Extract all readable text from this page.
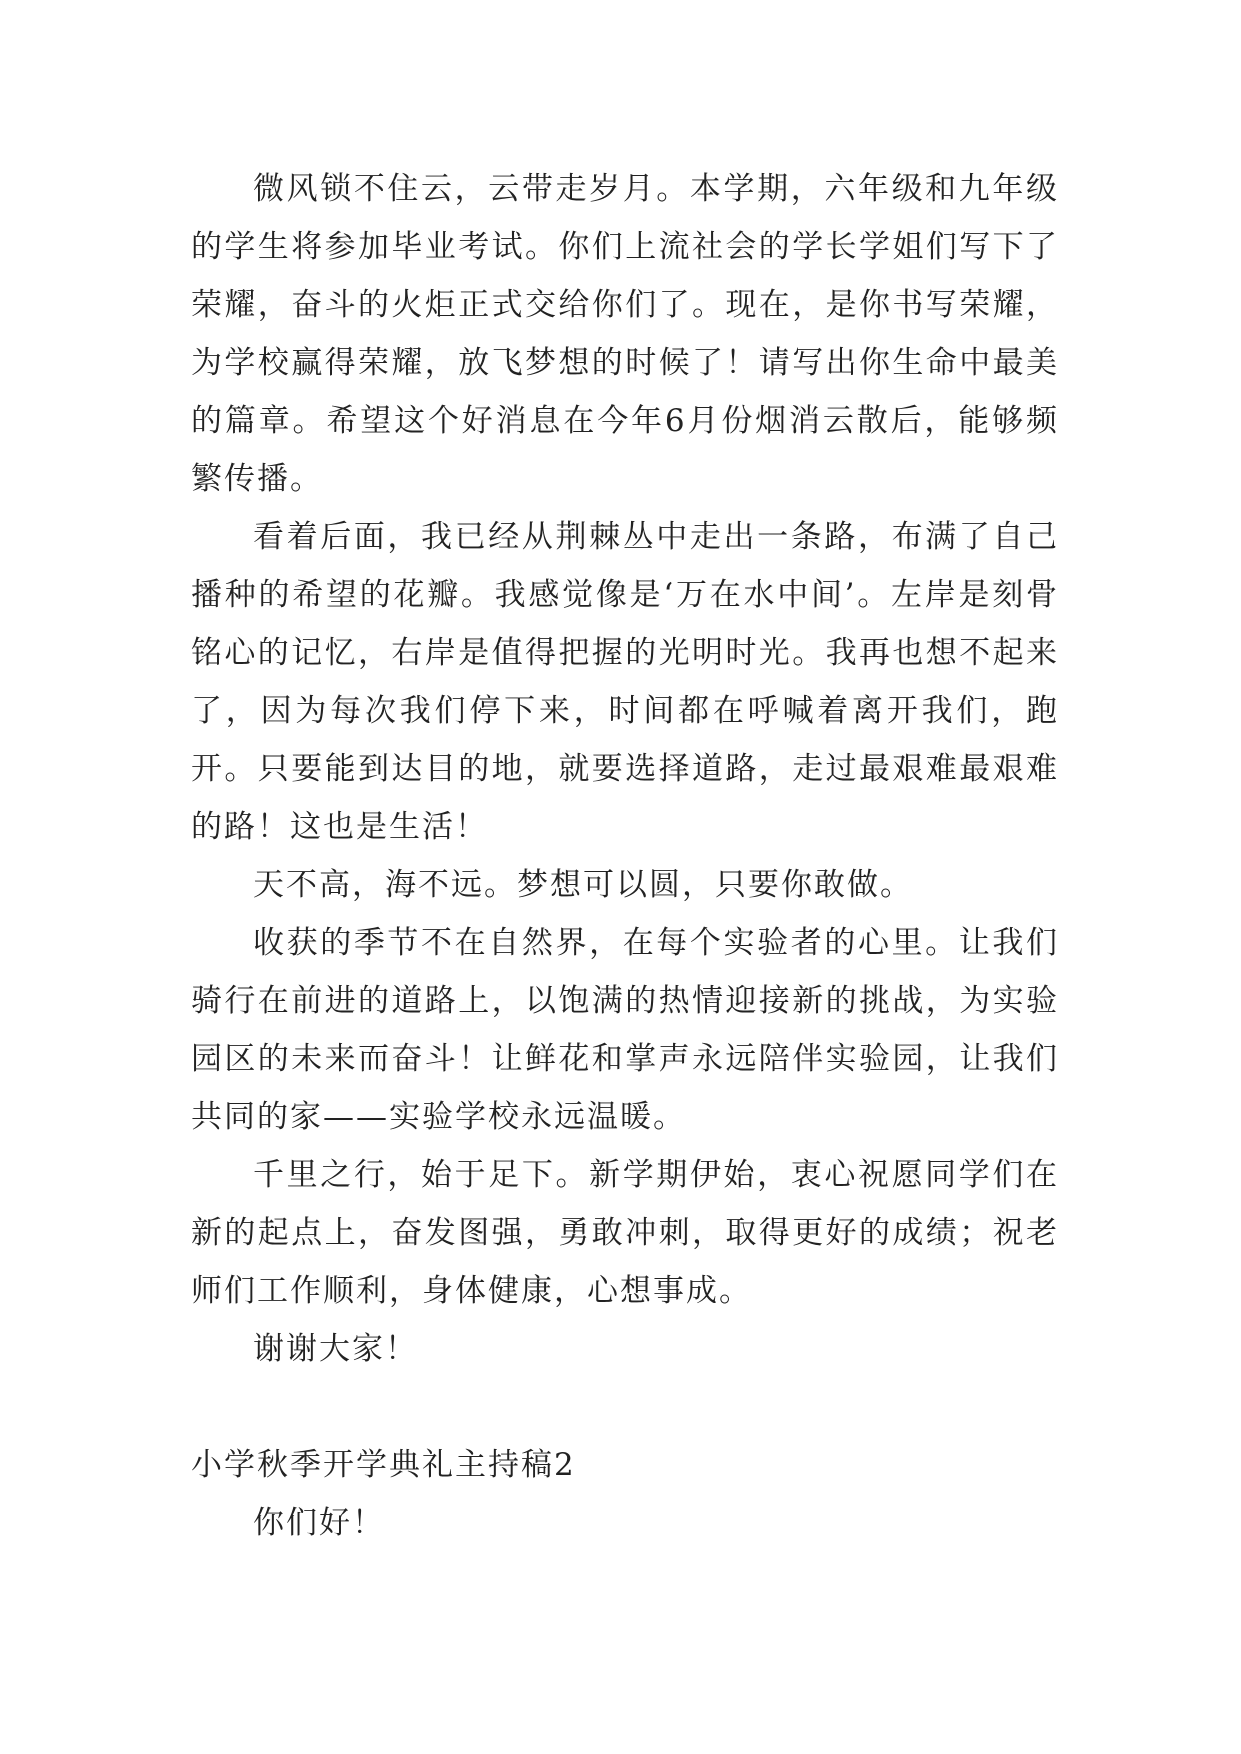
微风锁不住云，云带走岁月。本学期，六年级和九年级的学生将参加毕业考试。你们上流社会的学长学姐们写下了荣耀，奋斗的火炬正式交给你们了。现在，是你书写荣耀，为学校赢得荣耀，放飞梦想的时候了！请写出你生命中最美的篇章。希望这个好消息在今年6月份烟消云散后，能够频繁传播。

看着后面，我已经从荆棘丛中走出一条路，布满了自己播种的希望的花瓣。我感觉像是‘万在水中间’。左岸是刻骨铭心的记忆，右岸是值得把握的光明时光。我再也想不起来了，因为每次我们停下来，时间都在呼喊着离开我们，跑开。只要能到达目的地，就要选择道路，走过最艰难最艰难的路！这也是生活！

天不高，海不远。梦想可以圆，只要你敢做。

收获的季节不在自然界，在每个实验者的心里。让我们骑行在前进的道路上，以饱满的热情迎接新的挑战，为实验园区的未来而奋斗！让鲜花和掌声永远陪伴实验园，让我们共同的家——实验学校永远温暖。

千里之行，始于足下。新学期伊始，衷心祝愿同学们在新的起点上，奋发图强，勇敢冲刺，取得更好的成绩；祝老师们工作顺利，身体健康，心想事成。

谢谢大家！

小学秋季开学典礼主持稿2

你们好！
